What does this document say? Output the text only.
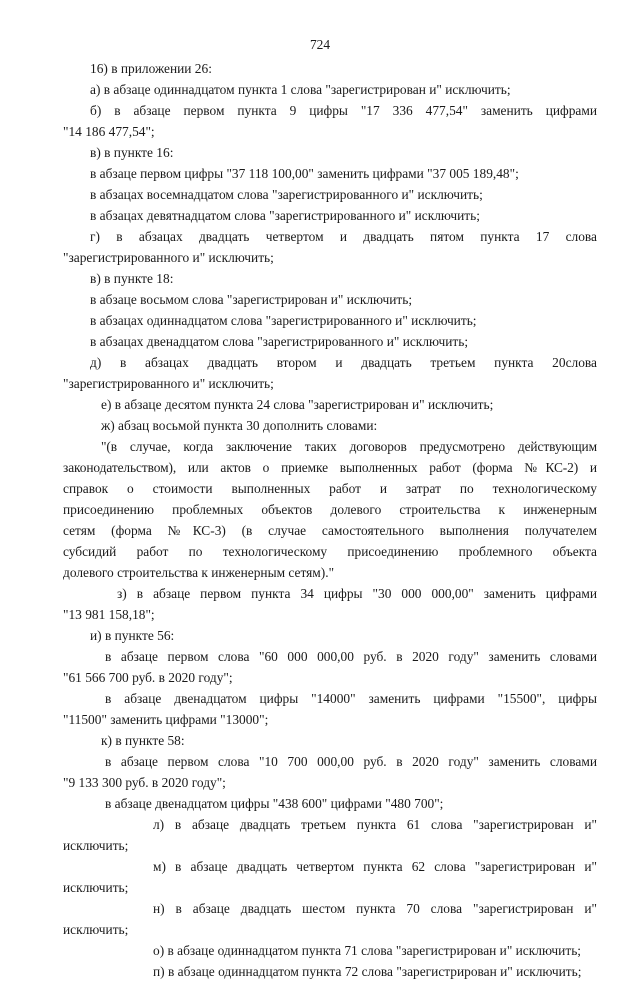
724
16) в приложении 26:
а) в абзаце одиннадцатом пункта 1 слова "зарегистрирован и" исключить;
б) в абзаце первом пункта 9 цифры "17 336 477,54" заменить цифрами
"14 186 477,54";
в) в пункте 16:
в абзаце первом цифры "37 118 100,00" заменить цифрами "37 005 189,48";
в абзацах восемнадцатом слова "зарегистрированного и" исключить;
в абзацах девятнадцатом слова "зарегистрированного и" исключить;
г) в абзацах двадцать четвертом и двадцать пятом пункта 17 слова
"зарегистрированного и" исключить;
в) в пункте 18:
в абзаце восьмом слова "зарегистрирован и" исключить;
в абзацах одиннадцатом слова "зарегистрированного и" исключить;
в абзацах двенадцатом слова "зарегистрированного и" исключить;
д) в абзацах двадцать втором и двадцать третьем пункта 20слова
"зарегистрированного и" исключить;
е) в абзаце десятом пункта 24 слова "зарегистрирован и" исключить;
ж) абзац восьмой пункта 30 дополнить словами:
"(в случае, когда заключение таких договоров предусмотрено действующим
законодательством), или актов о приемке выполненных работ (форма №КС-2) и
справок о стоимости выполненных работ и затрат по технологическому
присоединению проблемных объектов долевого строительства к инженерным
сетям (форма №КС-3) (в случае самостоятельного выполнения получателем
субсидий работ по технологическому присоединению проблемного объекта
долевого строительства к инженерным сетям)."
з) в абзаце первом пункта 34 цифры "30 000 000,00" заменить цифрами
"13 981 158,18";
и) в пункте 56:
в абзаце первом слова "60 000 000,00 руб. в 2020 году" заменить словами
"61 566 700 руб. в 2020 году";
в абзаце двенадцатом цифры "14000" заменить цифрами "15500", цифры
"11500" заменить цифрами "13000";
к) в пункте 58:
в абзаце первом слова "10 700 000,00 руб. в 2020 году" заменить словами
"9 133 300 руб. в 2020 году";
в абзаце двенадцатом цифры "438 600" цифрами "480 700";
л) в абзаце двадцать третьем пункта 61 слова "зарегистрирован и"
исключить;
м) в абзаце двадцать четвертом пункта 62 слова "зарегистрирован и"
исключить;
н) в абзаце двадцать шестом пункта 70 слова "зарегистрирован и"
исключить;
о) в абзаце одиннадцатом пункта 71 слова "зарегистрирован и" исключить;
п) в абзаце одиннадцатом пункта 72 слова "зарегистрирован и" исключить;
